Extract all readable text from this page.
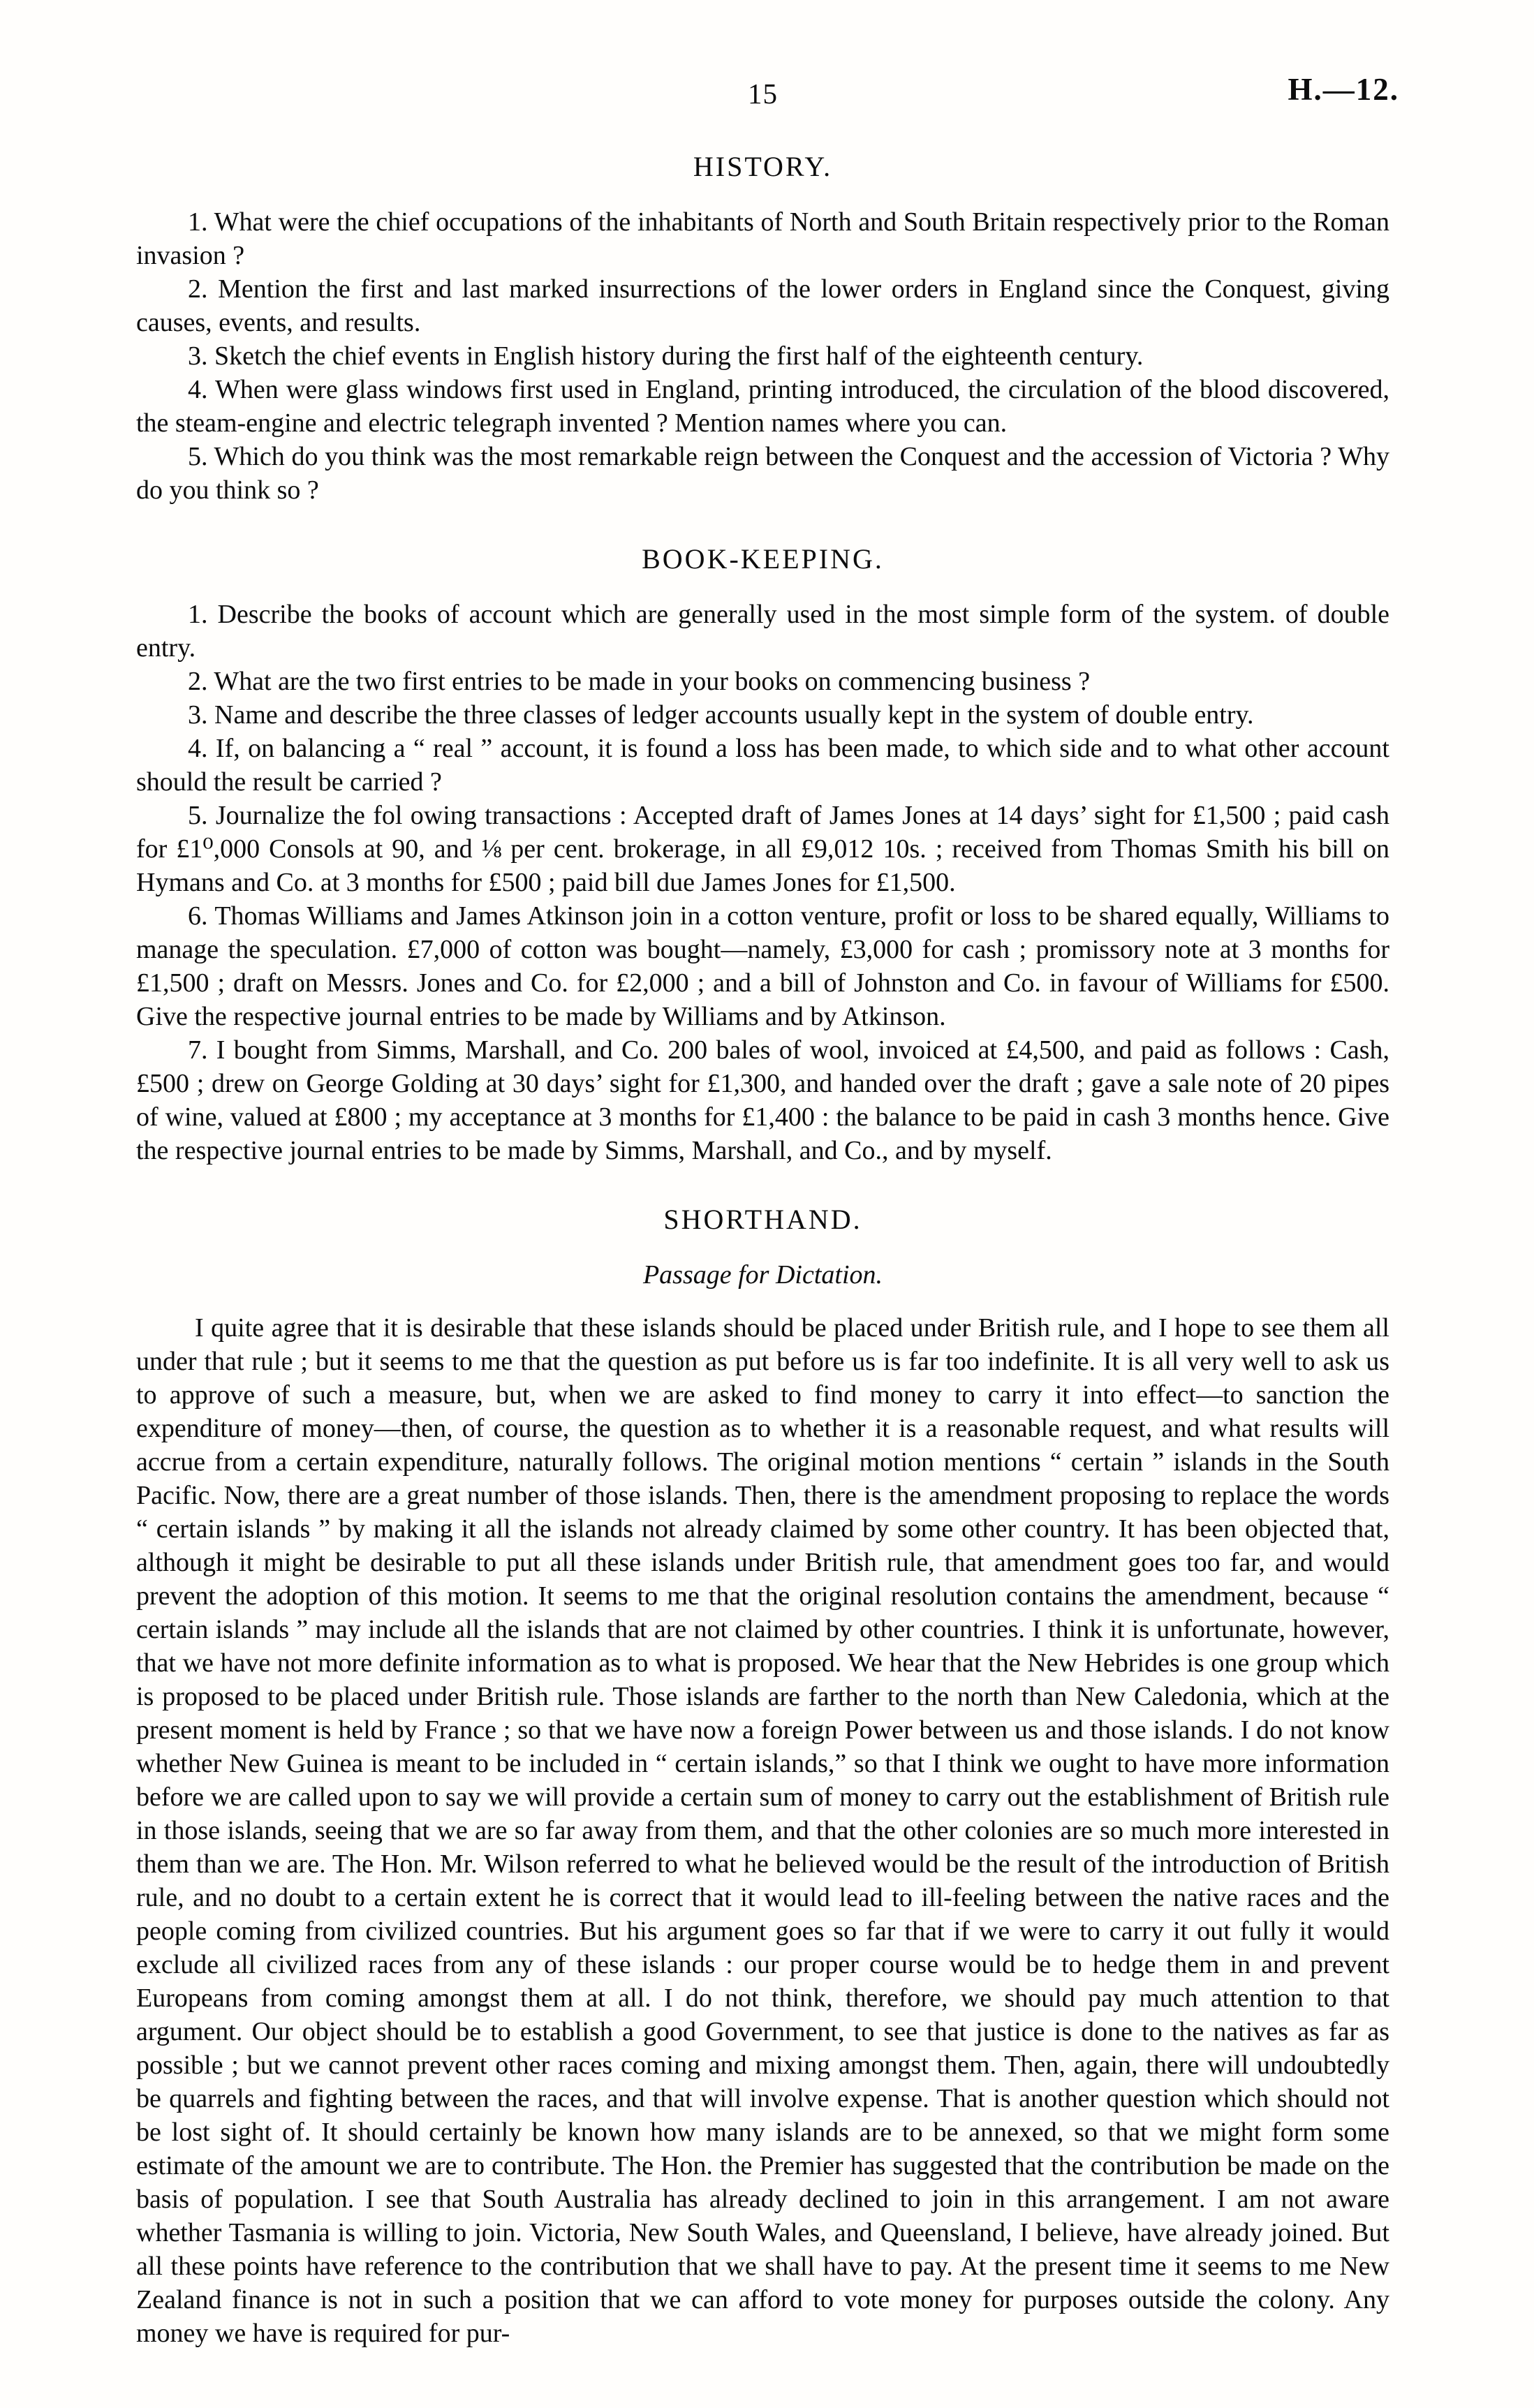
15	H.—12.
HISTORY.

1. What were the chief occupations of the inhabitants of North and South Britain respectively prior to the Roman invasion ?

2. Mention the first and last marked insurrections of the lower orders in England since the Conquest, giving causes, events, and results.

3. Sketch the chief events in English history during the first half of the eighteenth century.

4. When were glass windows first used in England, printing introduced, the circulation of the blood discovered, the steam-engine and electric telegraph invented ? Mention names where you can.

5. Which do you think was the most remarkable reign between the Conquest and the accession of Victoria ? Why do you think so ?

BOOK-KEEPING.

1. Describe the books of account which are generally used in the most simple form of the system. of double entry.

2. What are the two first entries to be made in your books on commencing business ?

3. Name and describe the three classes of ledger accounts usually kept in the system of double entry.

4. If, on balancing a “ real ” account, it is found a loss has been made, to which side and to what other account should the result be carried ?

5. Journalize the fol owing transactions : Accepted draft of James Jones at 14 days’ sight for £1,500 ; paid cash for £1⁰,000 Consols at 90, and ⅛ per cent. brokerage, in all £9,012 10s. ; received from Thomas Smith his bill on Hymans and Co. at 3 months for £500 ; paid bill due James Jones for £1,500.

6. Thomas Williams and James Atkinson join in a cotton venture, profit or loss to be shared equally, Williams to manage the speculation. £7,000 of cotton was bought—namely, £3,000 for cash ; promissory note at 3 months for £1,500 ; draft on Messrs. Jones and Co. for £2,000 ; and a bill of Johnston and Co. in favour of Williams for £500. Give the respective journal entries to be made by Williams and by Atkinson.

7. I bought from Simms, Marshall, and Co. 200 bales of wool, invoiced at £4,500, and paid as follows : Cash, £500 ; drew on George Golding at 30 days’ sight for £1,300, and handed over the draft ; gave a sale note of 20 pipes of wine, valued at £800 ; my acceptance at 3 months for £1,400 : the balance to be paid in cash 3 months hence. Give the respective journal entries to be made by Simms, Marshall, and Co., and by myself.

SHORTHAND.
Passage for Dictation.

I quite agree that it is desirable that these islands should be placed under British rule, and I hope to see them all under that rule ; but it seems to me that the question as put before us is far too indefinite. It is all very well to ask us to approve of such a measure, but, when we are asked to find money to carry it into effect—to sanction the expenditure of money—then, of course, the question as to whether it is a reasonable request, and what results will accrue from a certain expenditure, naturally follows. The original motion mentions “ certain ” islands in the South Pacific. Now, there are a great number of those islands. Then, there is the amendment proposing to replace the words “ certain islands ” by making it all the islands not already claimed by some other country. It has been objected that, although it might be desirable to put all these islands under British rule, that amendment goes too far, and would prevent the adoption of this motion. It seems to me that the original resolution contains the amendment, because “ certain islands ” may include all the islands that are not claimed by other countries. I think it is unfortunate, however, that we have not more definite information as to what is proposed. We hear that the New Hebrides is one group which is proposed to be placed under British rule. Those islands are farther to the north than New Caledonia, which at the present moment is held by France ; so that we have now a foreign Power between us and those islands. I do not know whether New Guinea is meant to be included in “ certain islands,” so that I think we ought to have more information before we are called upon to say we will provide a certain sum of money to carry out the establishment of British rule in those islands, seeing that we are so far away from them, and that the other colonies are so much more interested in them than we are. The Hon. Mr. Wilson referred to what he believed would be the result of the introduction of British rule, and no doubt to a certain extent he is correct that it would lead to ill-feeling between the native races and the people coming from civilized countries. But his argument goes so far that if we were to carry it out fully it would exclude all civilized races from any of these islands : our proper course would be to hedge them in and prevent Europeans from coming amongst them at all. I do not think, therefore, we should pay much attention to that argument. Our object should be to establish a good Government, to see that justice is done to the natives as far as possible ; but we cannot prevent other races coming and mixing amongst them. Then, again, there will undoubtedly be quarrels and fighting between the races, and that will involve expense. That is another question which should not be lost sight of. It should certainly be known how many islands are to be annexed, so that we might form some estimate of the amount we are to contribute. The Hon. the Premier has suggested that the contribution be made on the basis of population. I see that South Australia has already declined to join in this arrangement. I am not aware whether Tasmania is willing to join. Victoria, New South Wales, and Queensland, I believe, have already joined. But all these points have reference to the contribution that we shall have to pay. At the present time it seems to me New Zealand finance is not in such a position that we can afford to vote money for purposes outside the colony. Any money we have is required for pur-
